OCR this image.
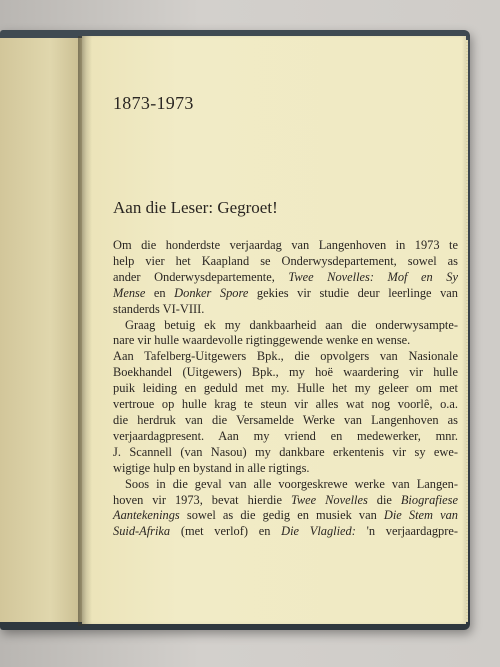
1873-1973
Aan die Leser: Gegroet!
Om die honderdste verjaardag van Langenhoven in 1973 te
help vier het Kaapland se Onderwysdepartement, sowel as
ander Onderwysdepartemente, Twee Novelles: Mof en Sy
Mense en Donker Spore gekies vir studie deur leerlinge van
standerds VI-VIII.
Graag betuig ek my dankbaarheid aan die onderwysampte-
nare vir hulle waardevolle rigtinggewende wenke en wense.
Aan Tafelberg-Uitgewers Bpk., die opvolgers van Nasionale
Boekhandel (Uitgewers) Bpk., my hoë waardering vir hulle
puik leiding en geduld met my. Hulle het my geleer om met
vertroue op hulle krag te steun vir alles wat nog voorlê, o.a.
die herdruk van die Versamelde Werke van Langenhoven as
verjaardagpresent. Aan my vriend en medewerker, mnr.
J. Scannell (van Nasou) my dankbare erkentenis vir sy ewe-
wigtige hulp en bystand in alle rigtings.
Soos in die geval van alle voorgeskrewe werke van Langen-
hoven vir 1973, bevat hierdie Twee Novelles die Biografiese
Aantekenings sowel as die gedig en musiek van Die Stem van
Suid-Afrika (met verlof) en Die Vlaglied: 'n verjaardagpre-
